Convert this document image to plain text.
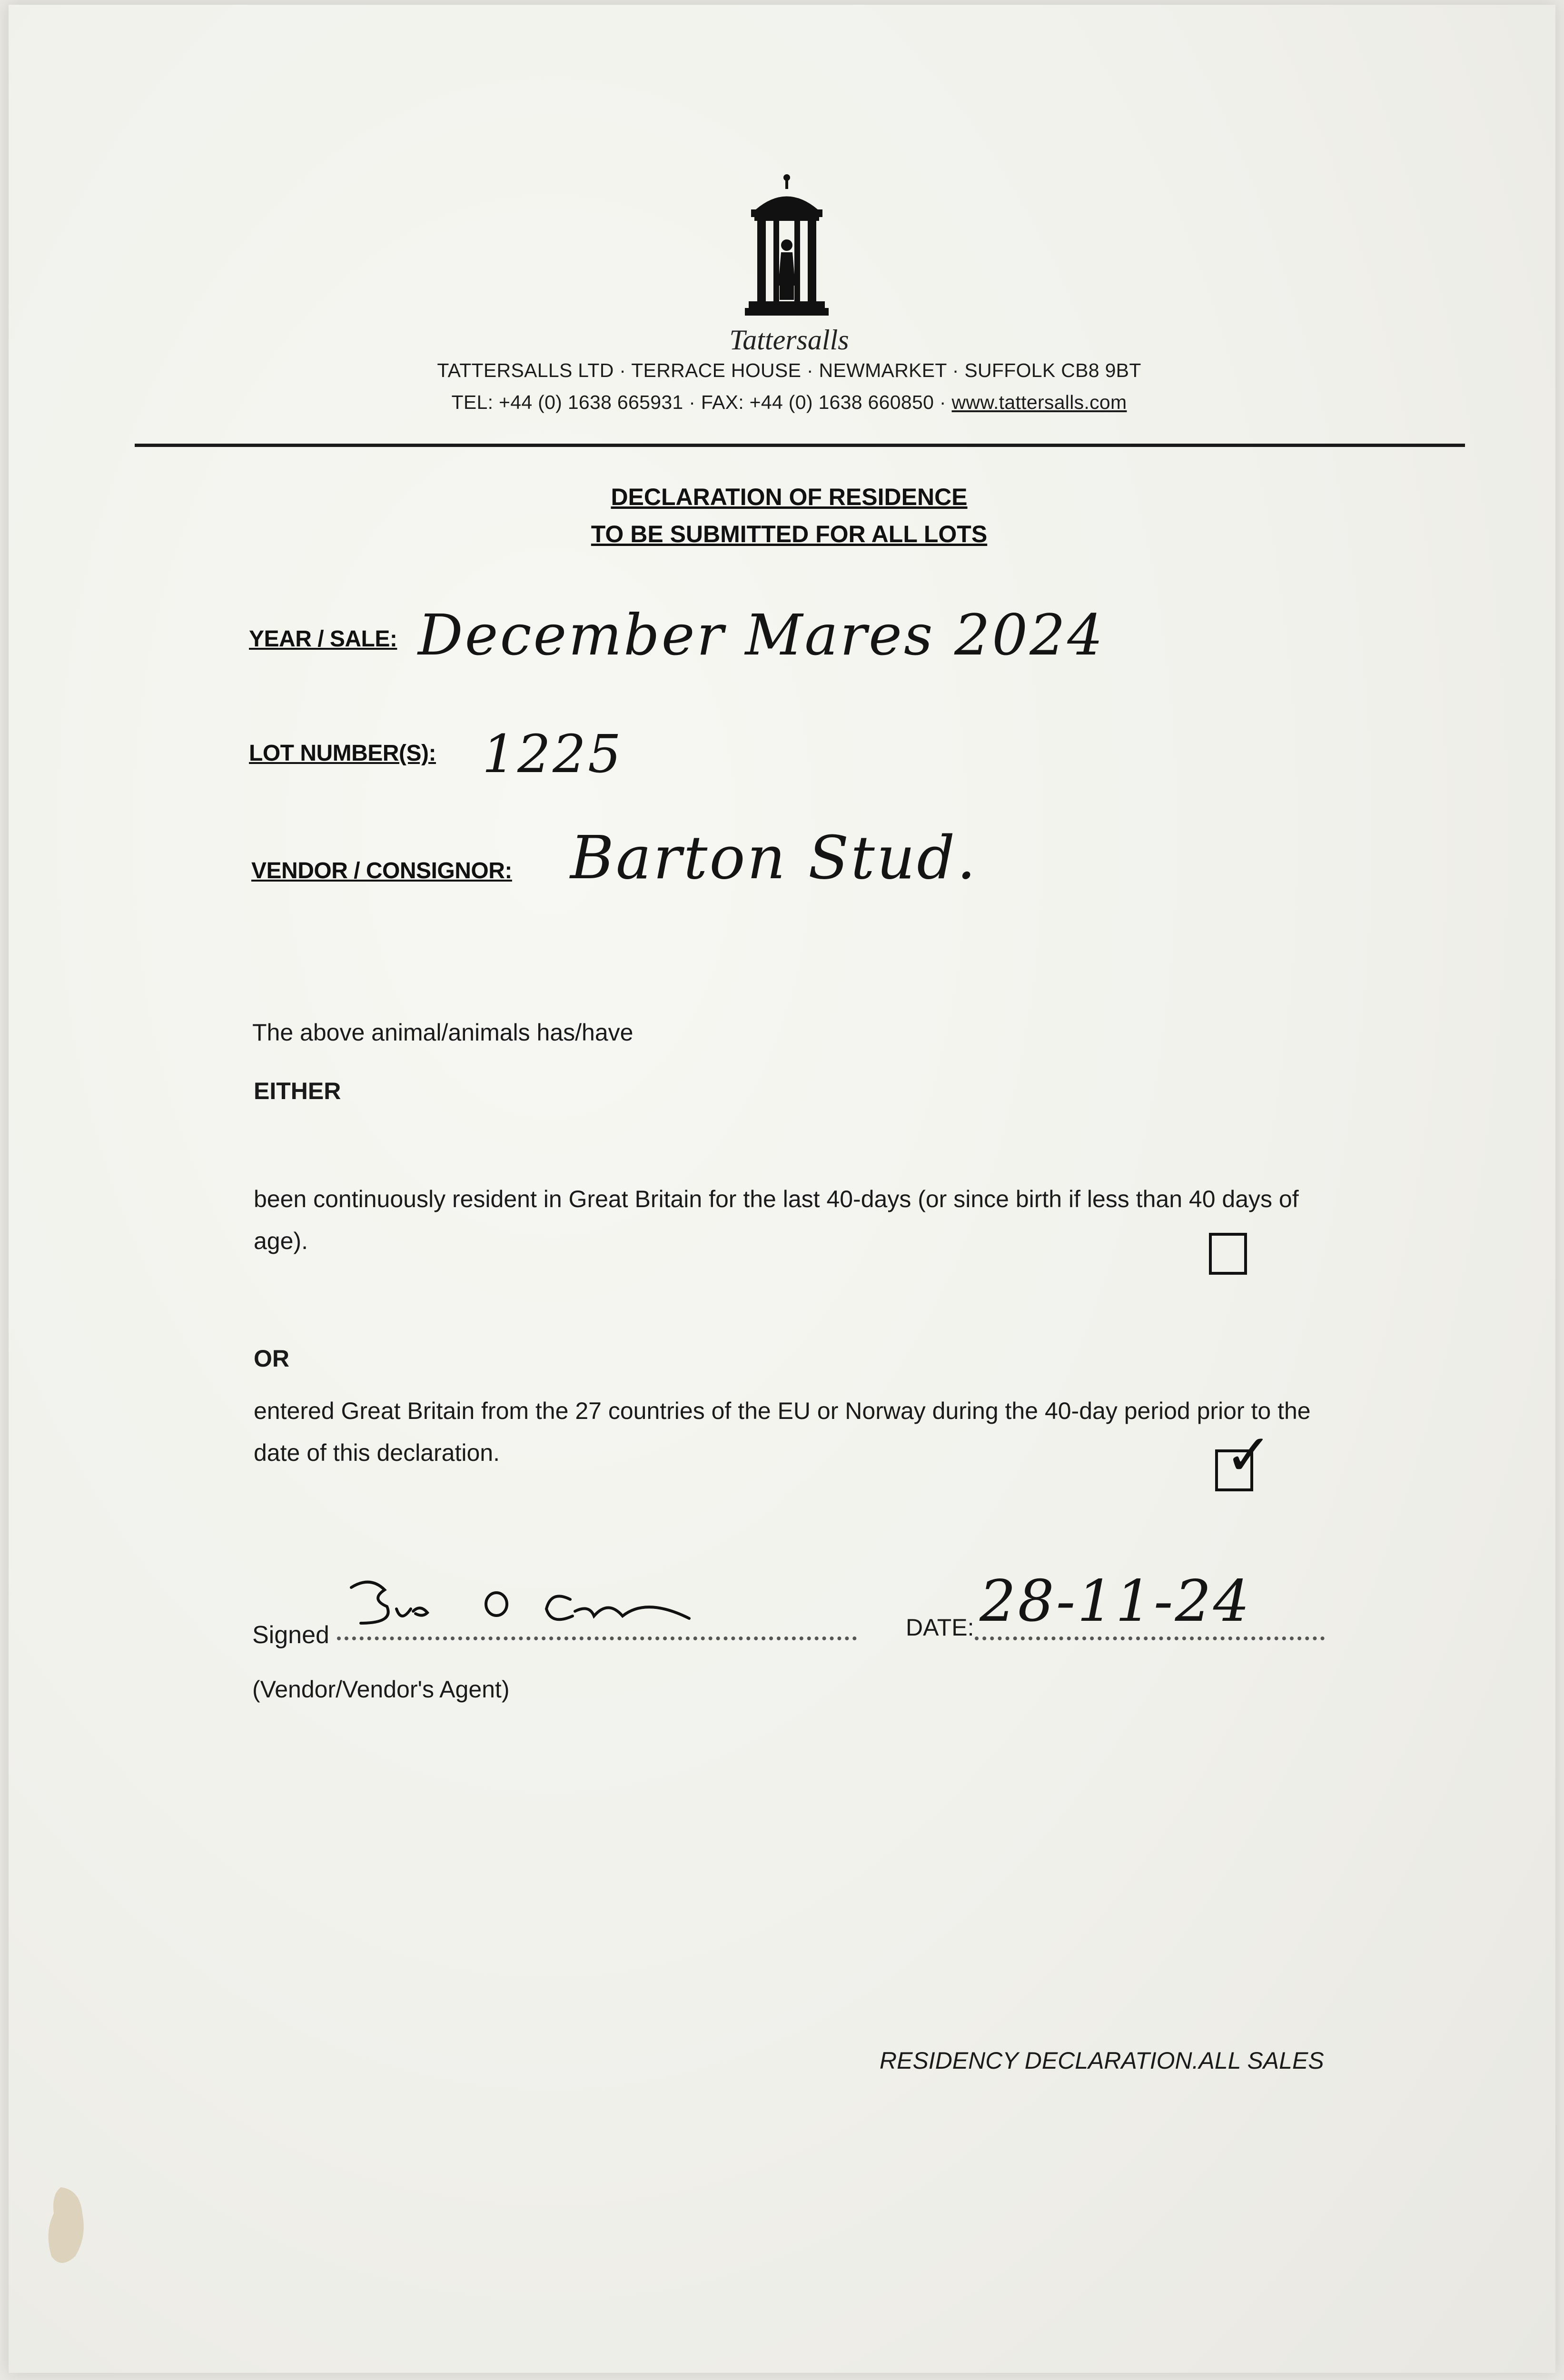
Tattersalls
TATTERSALLS LTD · TERRACE HOUSE · NEWMARKET · SUFFOLK CB8 9BT
TEL: +44 (0) 1638 665931 · FAX: +44 (0) 1638 660850 · www.tattersalls.com
DECLARATION OF RESIDENCE
TO BE SUBMITTED FOR ALL LOTS
YEAR / SALE: December Mares 2024
LOT NUMBER(S): 1225
VENDOR / CONSIGNOR: Barton Stud.
The above animal/animals has/have
EITHER
been continuously resident in Great Britain for the last 40-days (or since birth if less than 40 days of age).
OR
entered Great Britain from the 27 countries of the EU or Norway during the 40-day period prior to the date of this declaration.	✓
Signed	DATE: 28-11-24
(Vendor/Vendor's Agent)
RESIDENCY DECLARATION.ALL SALES
